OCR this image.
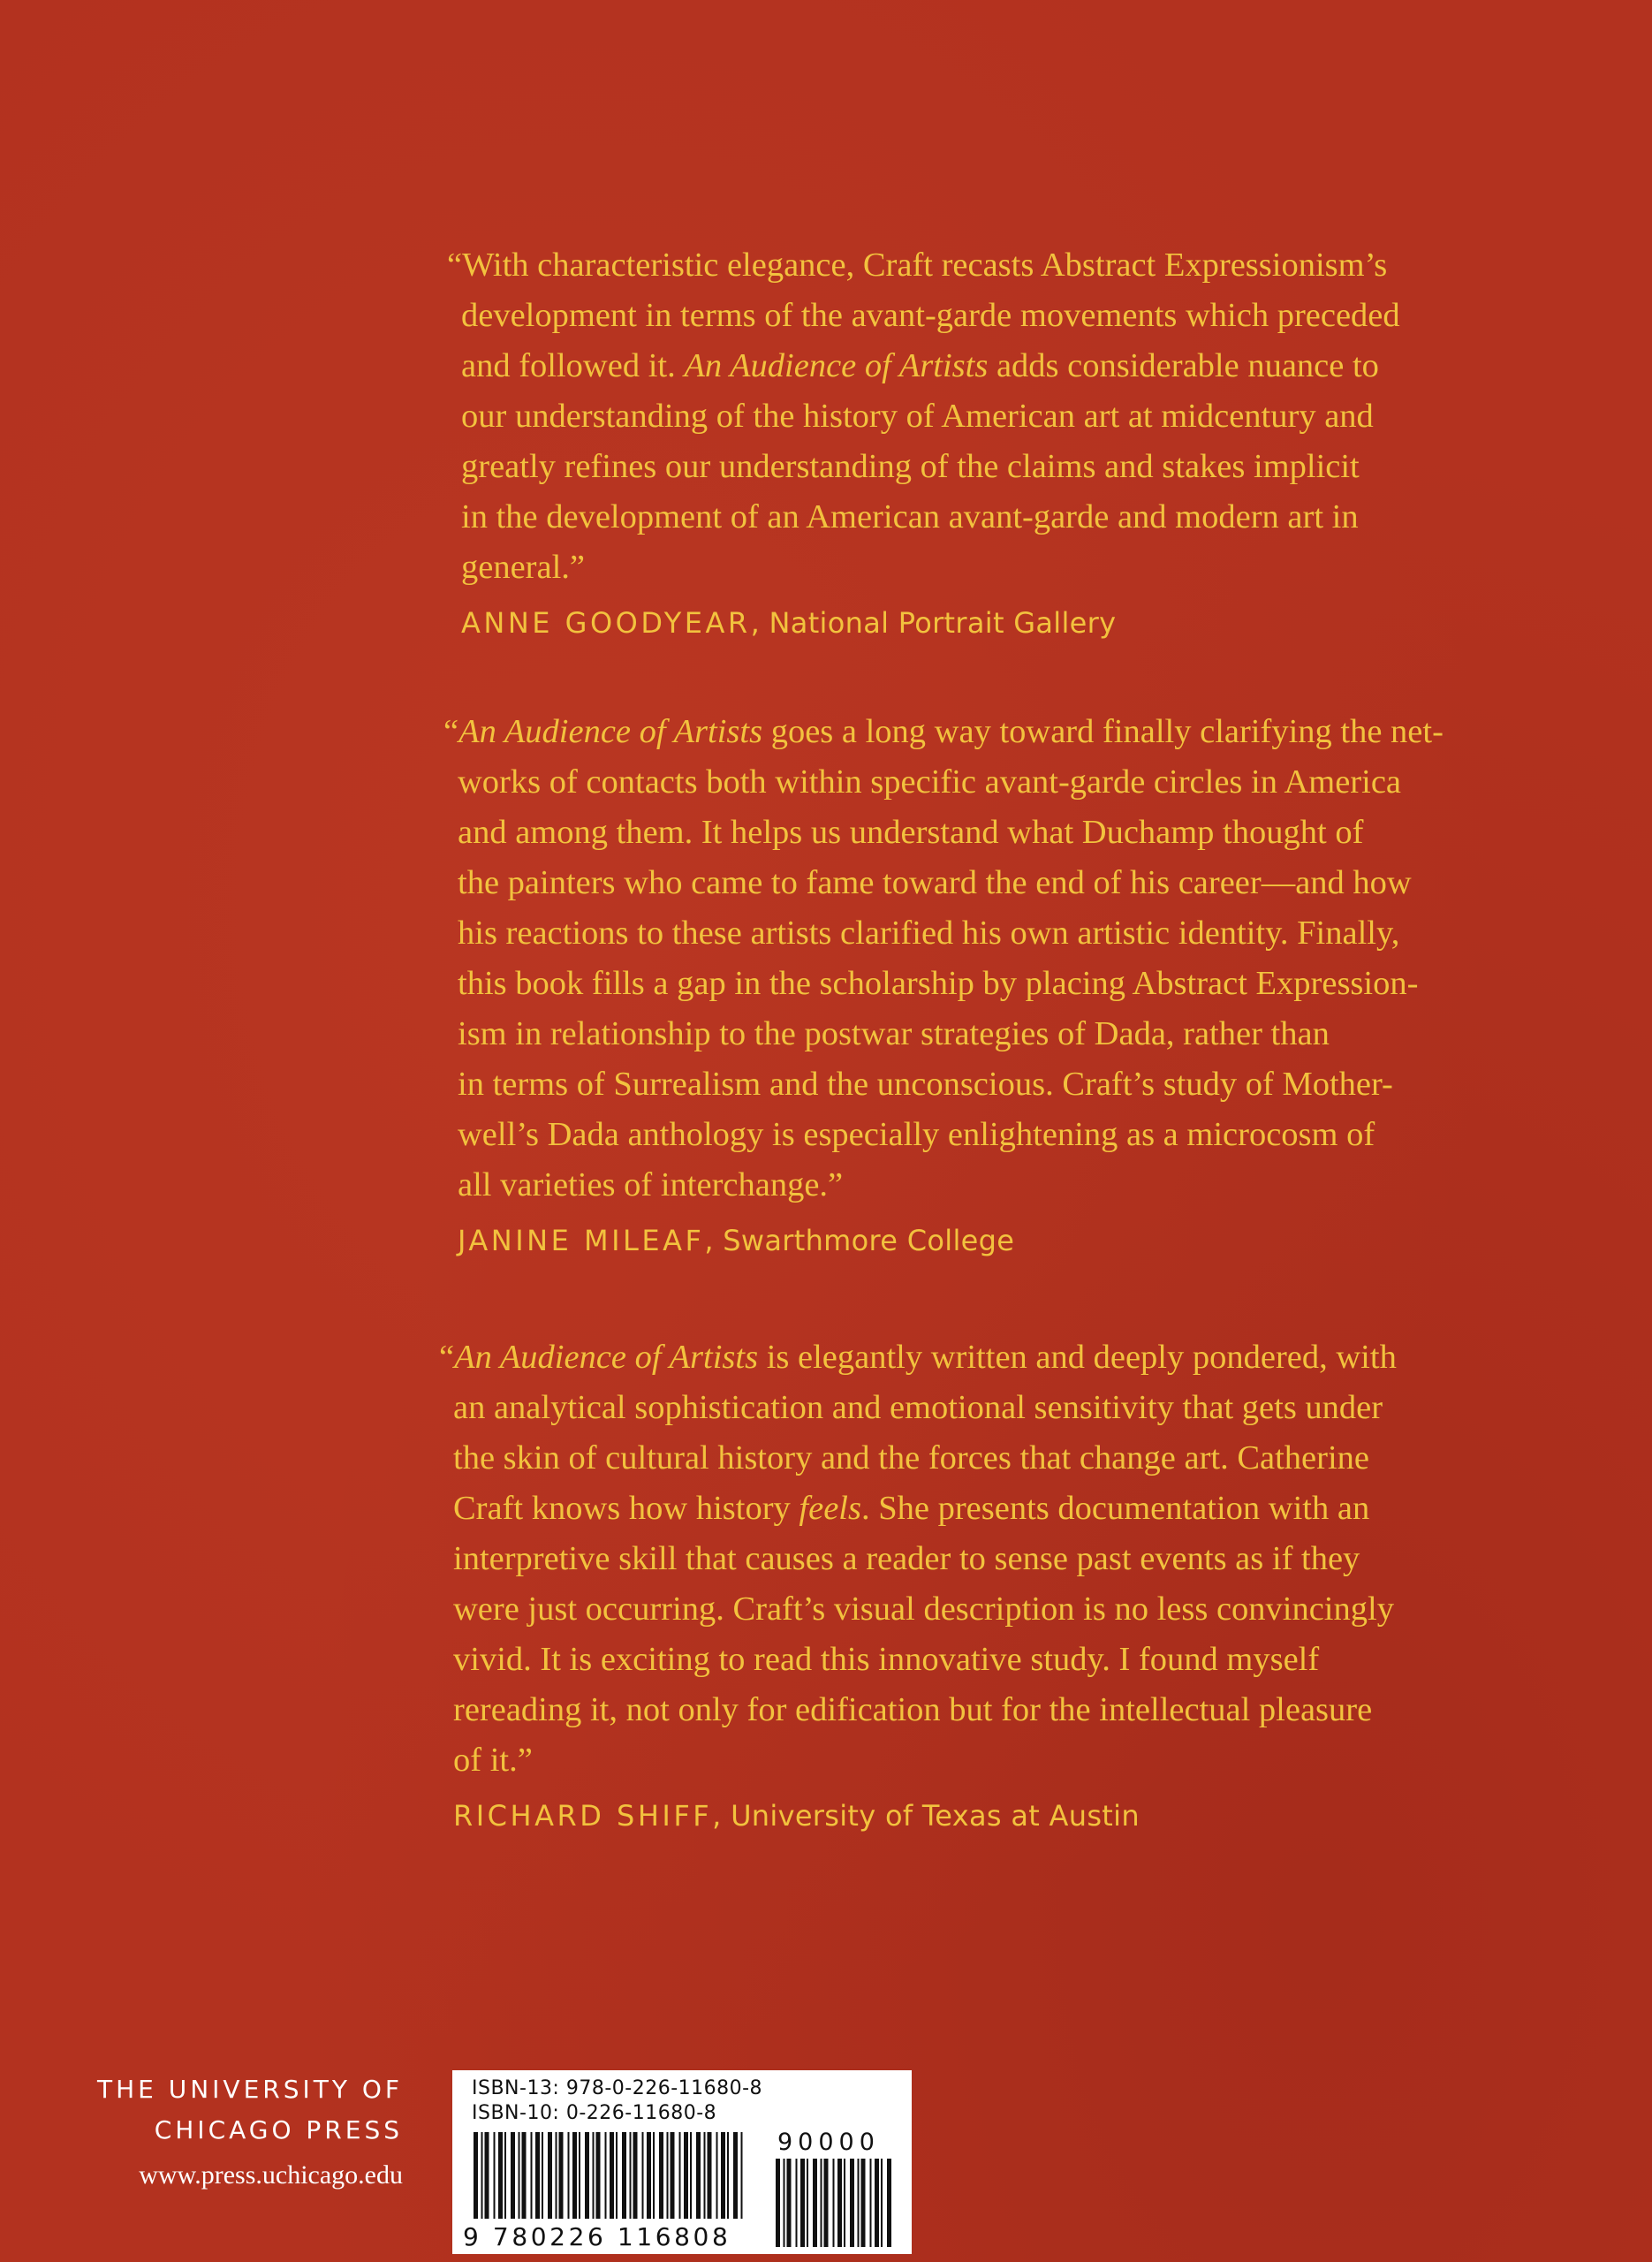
“With characteristic elegance, Craft recasts Abstract Expressionism’s
development in terms of the avant-garde movements which preceded
and followed it. An Audience of Artists adds considerable nuance to
our understanding of the history of American art at midcentury and
greatly refines our understanding of the claims and stakes implicit
in the development of an American avant-garde and modern art in
general.”

ANNE GOODYEAR, National Portrait Gallery

“An Audience of Artists goes a long way toward finally clarifying the net-
works of contacts both within specific avant-garde circles in America
and among them. It helps us understand what Duchamp thought of
the painters who came to fame toward the end of his career—and how
his reactions to these artists clarified his own artistic identity. Finally,
this book fills a gap in the scholarship by placing Abstract Expression-
ism in relationship to the postwar strategies of Dada, rather than
in terms of Surrealism and the unconscious. Craft’s study of Mother-
well’s Dada anthology is especially enlightening as a microcosm of
all varieties of interchange.”

JANINE MILEAF, Swarthmore College

“An Audience of Artists is elegantly written and deeply pondered, with
an analytical sophistication and emotional sensitivity that gets under
the skin of cultural history and the forces that change art. Catherine
Craft knows how history feels. She presents documentation with an
interpretive skill that causes a reader to sense past events as if they
were just occurring. Craft’s visual description is no less convincingly
vivid. It is exciting to read this innovative study. I found myself
rereading it, not only for edification but for the intellectual pleasure
of it.”

RICHARD SHIFF, University of Texas at Austin
THE UNIVERSITY OF
CHICAGO PRESS
www.press.uchicago.edu
ISBN-13: 978-0-226-11680-8
ISBN-10: 0-226-11680-8
90000
9 780226 116808
